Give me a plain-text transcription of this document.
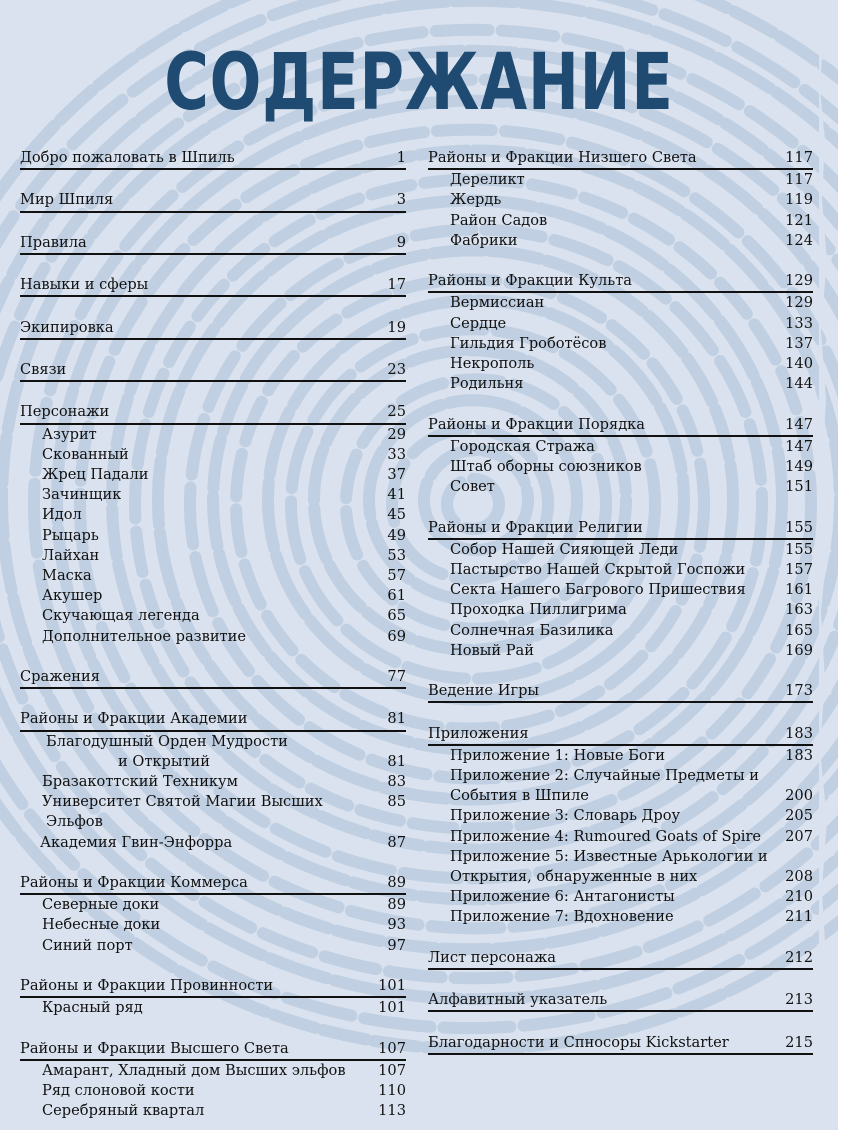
СОДЕРЖАНИЕ
Добро пожаловать в Шпиль	1
Мир Шпиля	3
Правила	9
Навыки и сферы	17
Экипировка	19
Связи	23
Персонажи	25
Азурит	29
Скованный	33
Жрец Падали	37
Зачинщик	41
Идол	45
Рыцарь	49
Лайхан	53
Маска	57
Акушер	61
Скучающая легенда	65
Дополнительное развитие	69
Сражения	77
Районы и Фракции Академии	81
Благодушный Орден Мудрости
и Открытий	81
Бразакоттский Техникум	83
Университет Святой Магии Высших	85
Эльфов
Академия Гвин-Энфорра	87
Районы и Фракции Коммерса	89
Северные доки	89
Небесные доки	93
Синий порт	97
Районы и Фракции Провинности	101
Красный ряд	101
Районы и Фракции Высшего Света	107
Амарант, Хладный дом Высших эльфов	107
Ряд слоновой кости	110
Серебряный квартал	113
Районы и Фракции Низшего Света	117
Дереликт	117
Жердь	119
Район Садов	121
Фабрики	124
Районы и Фракции Культа	129
Вермиссиан	129
Сердце	133
Гильдия Гроботёсов	137
Некрополь	140
Родильня	144
Районы и Фракции Порядка	147
Городская Стража	147
Штаб оборны союзников	149
Совет	151
Районы и Фракции Религии	155
Собор Нашей Сияющей Леди	155
Пастырство Нашей Скрытой Госпожи	157
Секта Нашего Багрового Пришествия	161
Проходка Пиллигрима	163
Солнечная Базилика	165
Новый Рай	169
Ведение Игры	173
Приложения	183
Приложение 1: Новые Боги	183
Приложение 2: Случайные Предметы и
События в Шпиле	200
Приложение 3: Словарь Дроу	205
Приложение 4: Rumoured Goats of Spire	207
Приложение 5: Известные Арькологии и
Открытия, обнаруженные в них	208
Приложение 6: Антагонисты	210
Приложение 7: Вдохновение	211
Лист персонажа	212
Алфавитный указатель	213
Благодарности и Спносоры Kickstarter	215
